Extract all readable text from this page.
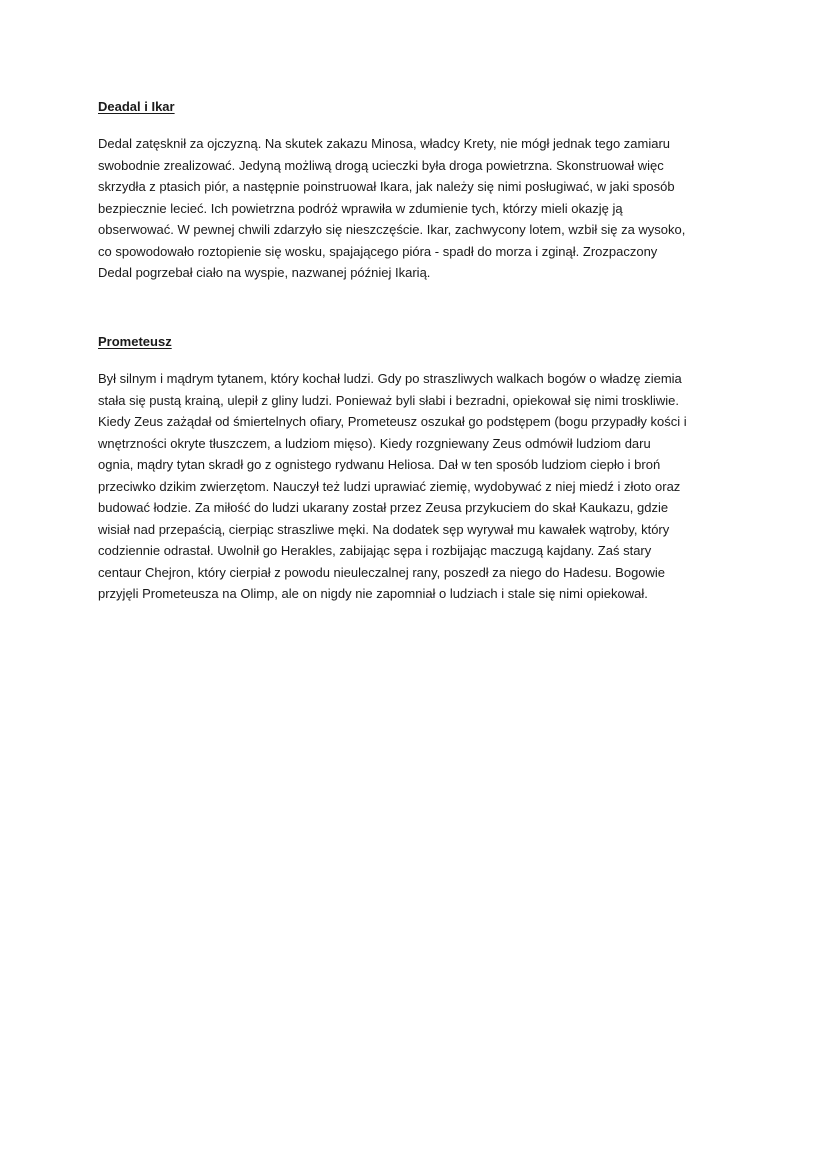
Deadal i Ikar

Dedal zatęsknił za ojczyzną. Na skutek zakazu Minosa, władcy Krety, nie mógł jednak tego zamiaru
swobodnie zrealizować. Jedyną możliwą drogą ucieczki była droga powietrzna. Skonstruował więc
skrzydła z ptasich piór, a następnie poinstruował Ikara, jak należy się nimi posługiwać, w jaki sposób
bezpiecznie lecieć. Ich powietrzna podróż wprawiła w zdumienie tych, którzy mieli okazję ją
obserwować. W pewnej chwili zdarzyło się nieszczęście. Ikar, zachwycony lotem, wzbił się za wysoko,
co spowodowało roztopienie się wosku, spajającego pióra - spadł do morza i zginął. Zrozpaczony
Dedal pogrzebał ciało na wyspie, nazwanej później Ikarią.

Prometeusz

Był silnym i mądrym tytanem, który kochał ludzi. Gdy po straszliwych walkach bogów o władzę ziemia
stała się pustą krainą, ulepił z gliny ludzi. Ponieważ byli słabi i bezradni, opiekował się nimi troskliwie.
Kiedy Zeus zażądał od śmiertelnych ofiary, Prometeusz oszukał go podstępem (bogu przypadły kości i
wnętrzności okryte tłuszczem, a ludziom mięso). Kiedy rozgniewany Zeus odmówił ludziom daru
ognia, mądry tytan skradł go z ognistego rydwanu Heliosa. Dał w ten sposób ludziom ciepło i broń
przeciwko dzikim zwierzętom. Nauczył też ludzi uprawiać ziemię, wydobywać z niej miedź i złoto oraz
budować łodzie. Za miłość do ludzi ukarany został przez Zeusa przykuciem do skał Kaukazu, gdzie
wisiał nad przepaścią, cierpiąc straszliwe męki. Na dodatek sęp wyrywał mu kawałek wątroby, który
codziennie odrastał. Uwolnił go Herakles, zabijając sępa i rozbijając maczugą kajdany. Zaś stary
centaur Chejron, który cierpiał z powodu nieuleczalnej rany, poszedł za niego do Hadesu. Bogowie
przyjęli Prometeusza na Olimp, ale on nigdy nie zapomniał o ludziach i stale się nimi opiekował.
